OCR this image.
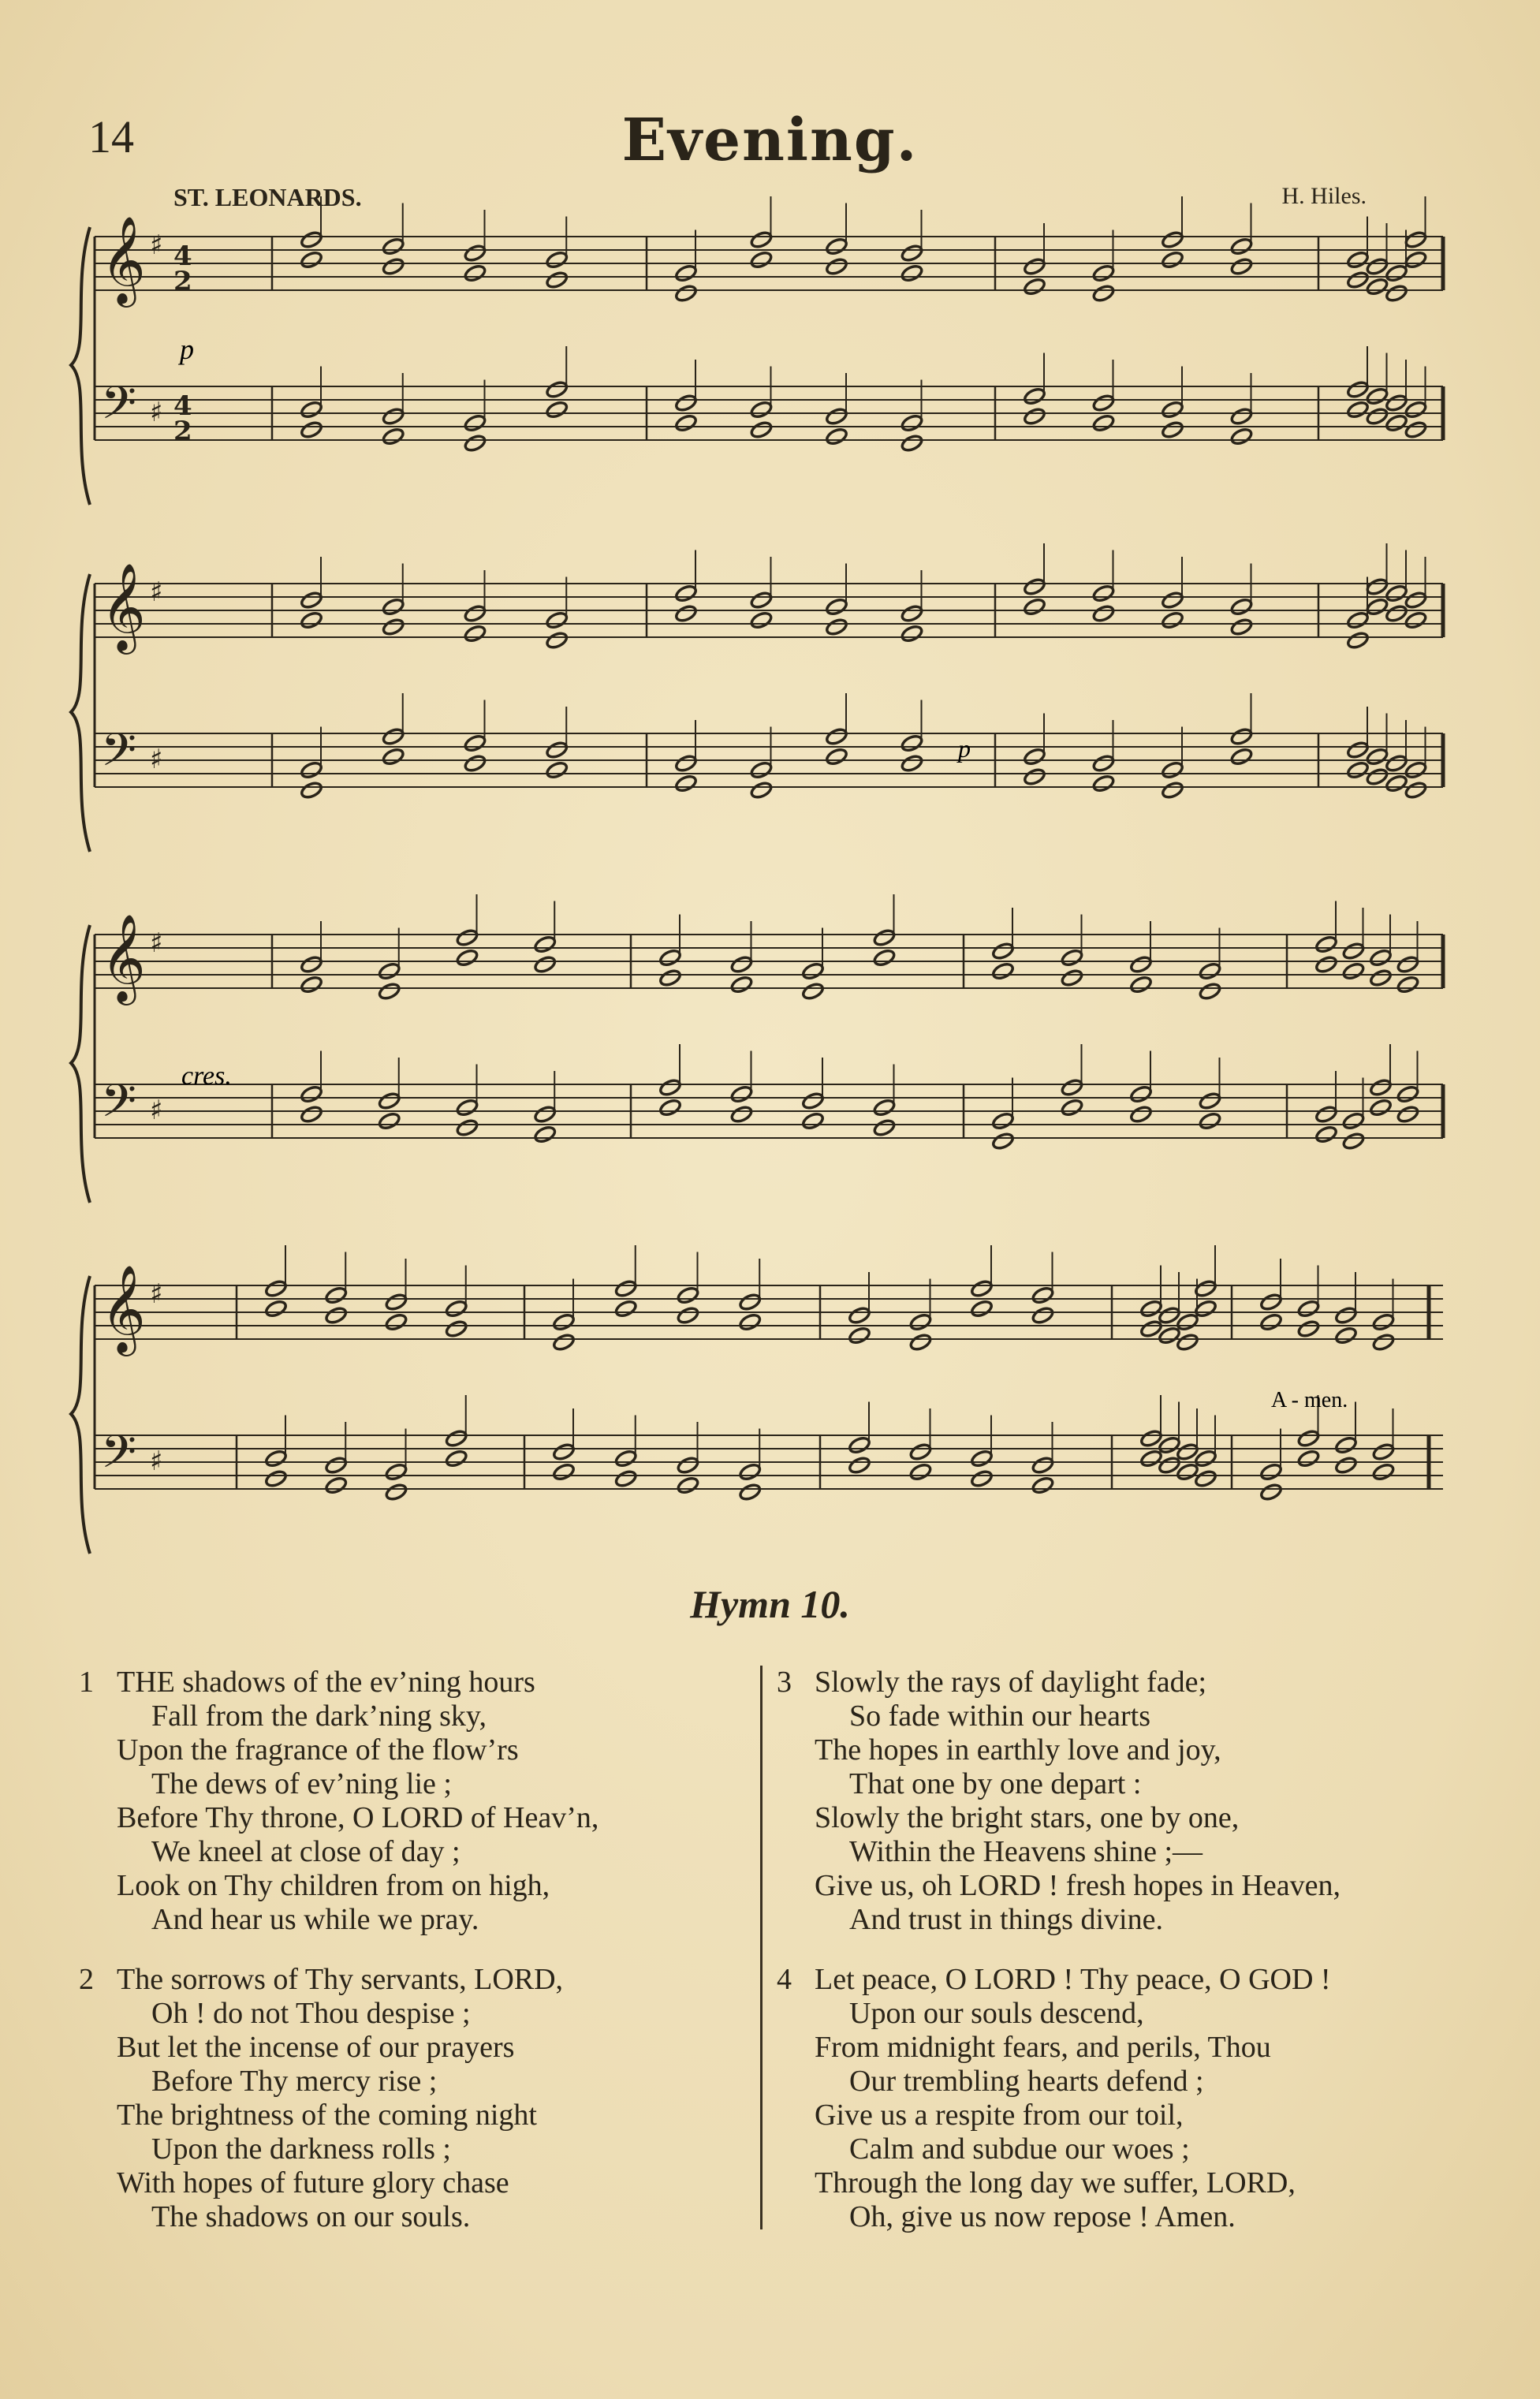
14	Evening.
ST. LEONARDS.	H. Hiles.
𝄞 ♯ 4
2
𝄢 ♯ 4
2
𝄞 ♯
𝄢 ♯
𝄞 ♯
𝄢 ♯
𝄞 ♯
𝄢 ♯
p
p
cres.
A - men.
Hymn 10.
1 THE shadows of the ev’ning hours
Fall from the dark’ning sky,
Upon the fragrance of the flow’rs
The dews of ev’ning lie ;
Before Thy throne, O LORD of Heav’n,
We kneel at close of day ;
Look on Thy children from on high,
And hear us while we pray.
2 The sorrows of Thy servants, LORD,
Oh ! do not Thou despise ;
But let the incense of our prayers
Before Thy mercy rise ;
The brightness of the coming night
Upon the darkness rolls ;
With hopes of future glory chase
The shadows on our souls.
3 Slowly the rays of daylight fade;
So fade within our hearts
The hopes in earthly love and joy,
That one by one depart :
Slowly the bright stars, one by one,
Within the Heavens shine ;—
Give us, oh LORD ! fresh hopes in Heaven,
And trust in things divine.
4 Let peace, O LORD ! Thy peace, O GOD !
Upon our souls descend,
From midnight fears, and perils, Thou
Our trembling hearts defend ;
Give us a respite from our toil,
Calm and subdue our woes ;
Through the long day we suffer, LORD,
Oh, give us now repose ! Amen.
